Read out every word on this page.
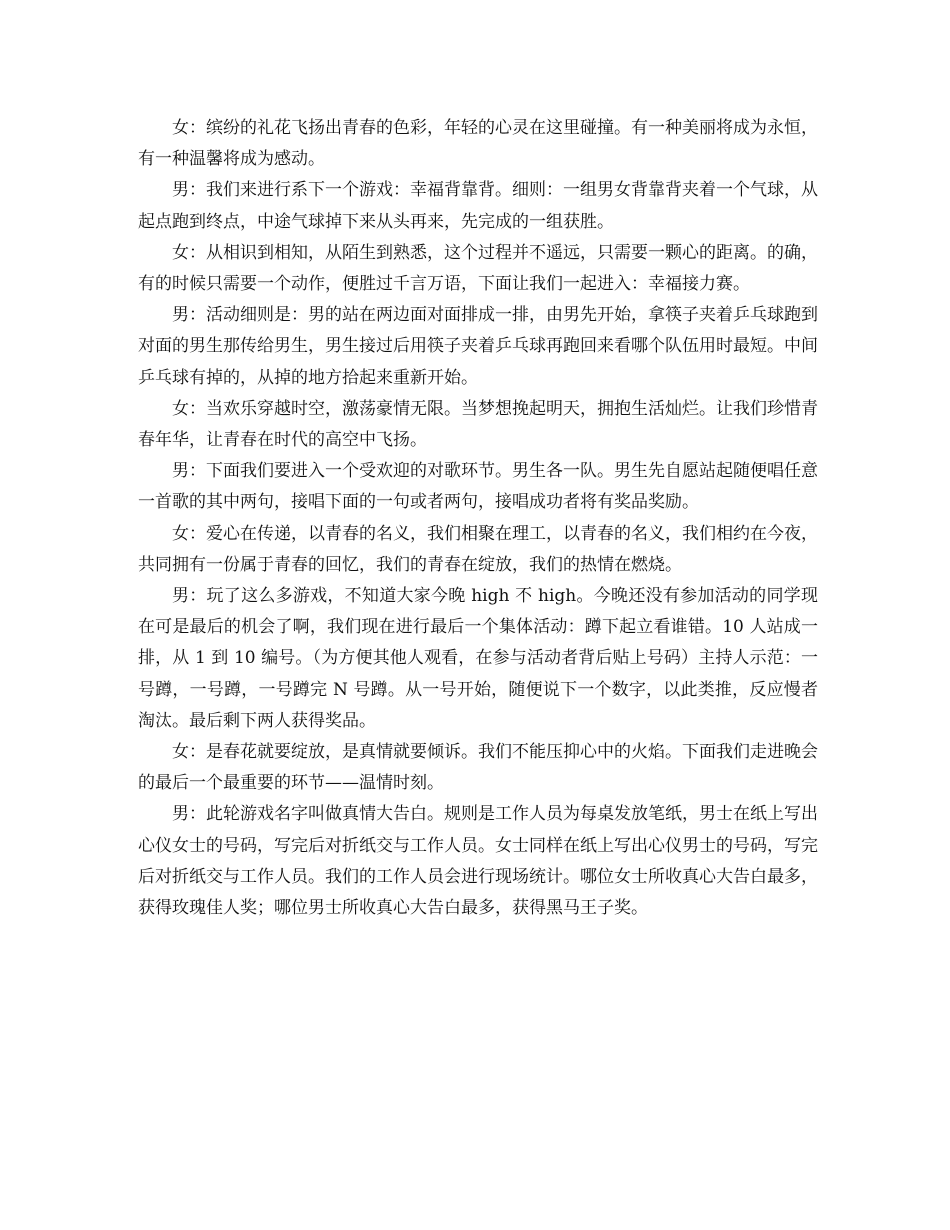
女：缤纷的礼花飞扬出青春的色彩，年轻的心灵在这里碰撞。有一种美丽将成为永恒，有一种温馨将成为感动。

男：我们来进行系下一个游戏：幸福背靠背。细则：一组男女背靠背夹着一个气球，从起点跑到终点，中途气球掉下来从头再来，先完成的一组获胜。

女：从相识到相知，从陌生到熟悉，这个过程并不遥远，只需要一颗心的距离。的确，有的时候只需要一个动作，便胜过千言万语，下面让我们一起进入：幸福接力赛。

男：活动细则是：男的站在两边面对面排成一排，由男先开始，拿筷子夹着乒乓球跑到对面的男生那传给男生，男生接过后用筷子夹着乒乓球再跑回来看哪个队伍用时最短。中间乒乓球有掉的，从掉的地方拾起来重新开始。

女：当欢乐穿越时空，激荡豪情无限。当梦想挽起明天，拥抱生活灿烂。让我们珍惜青春年华，让青春在时代的高空中飞扬。

男：下面我们要进入一个受欢迎的对歌环节。男生各一队。男生先自愿站起随便唱任意一首歌的其中两句，接唱下面的一句或者两句，接唱成功者将有奖品奖励。

女：爱心在传递，以青春的名义，我们相聚在理工，以青春的名义，我们相约在今夜，共同拥有一份属于青春的回忆，我们的青春在绽放，我们的热情在燃烧。

男：玩了这么多游戏，不知道大家今晚 high 不 high。今晚还没有参加活动的同学现在可是最后的机会了啊，我们现在进行最后一个集体活动：蹲下起立看谁错。10 人站成一排，从 1 到 10 编号。（为方便其他人观看，在参与活动者背后贴上号码）主持人示范：一号蹲，一号蹲，一号蹲完 N 号蹲。从一号开始，随便说下一个数字，以此类推，反应慢者淘汰。最后剩下两人获得奖品。

女：是春花就要绽放，是真情就要倾诉。我们不能压抑心中的火焰。下面我们走进晚会的最后一个最重要的环节——温情时刻。

男：此轮游戏名字叫做真情大告白。规则是工作人员为每桌发放笔纸，男士在纸上写出心仪女士的号码，写完后对折纸交与工作人员。女士同样在纸上写出心仪男士的号码，写完后对折纸交与工作人员。我们的工作人员会进行现场统计。哪位女士所收真心大告白最多，获得玫瑰佳人奖；哪位男士所收真心大告白最多，获得黑马王子奖。
